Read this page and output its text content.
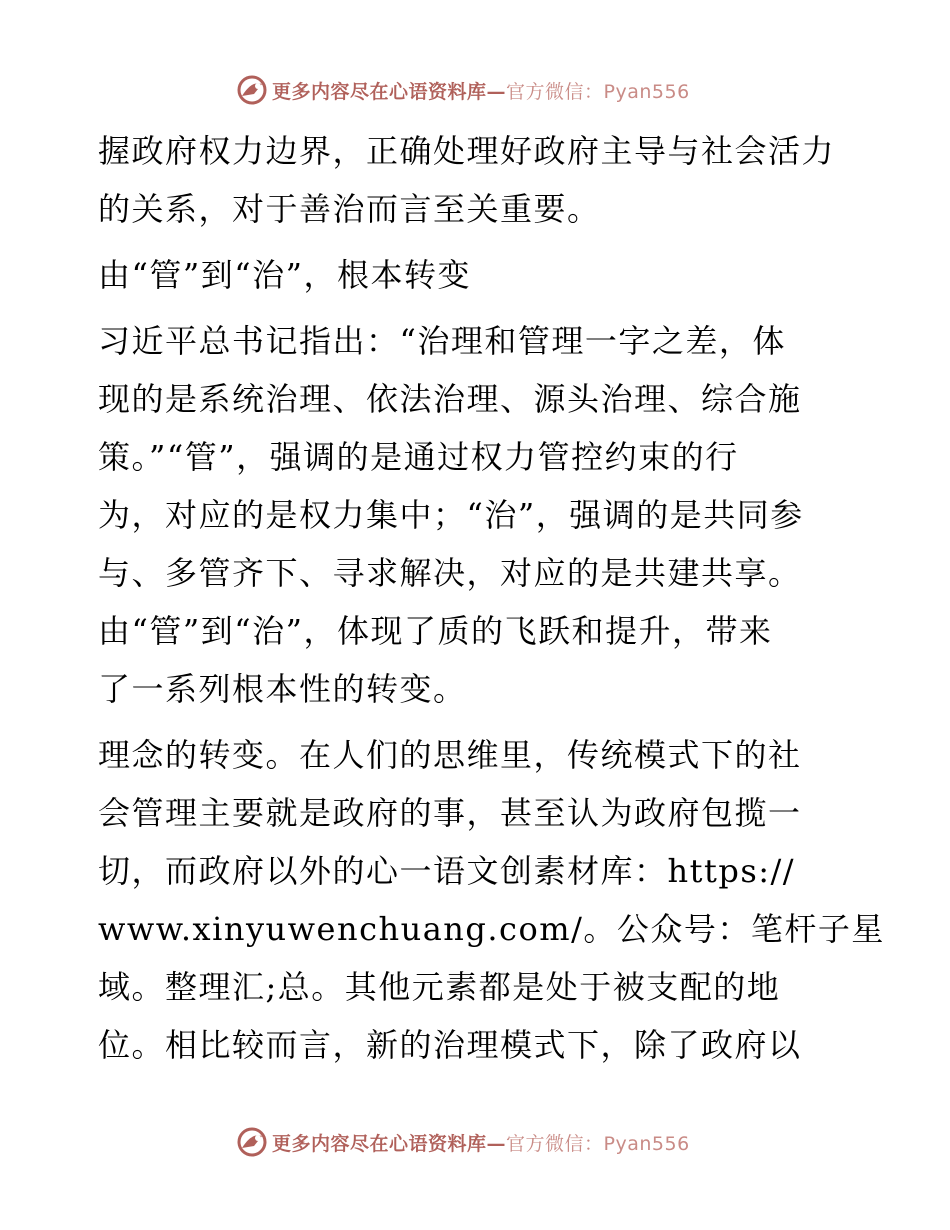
更多内容尽在心语资料库—官方微信：Pyan556

握政府权力边界，正确处理好政府主导与社会活力
的关系，对于善治而言至关重要。

由“管”到“治”，根本转变

习近平总书记指出：“治理和管理一字之差，体
现的是系统治理、依法治理、源头治理、综合施
策。”“管”，强调的是通过权力管控约束的行
为，对应的是权力集中；“治”，强调的是共同参
与、多管齐下、寻求解决，对应的是共建共享。
由“管”到“治”，体现了质的飞跃和提升，带来
了一系列根本性的转变。

理念的转变。在人们的思维里，传统模式下的社
会管理主要就是政府的事，甚至认为政府包揽一
切，而政府以外的心一语文创素材库：https://
www.xinyuwenchuang.com/。公众号：笔杆子星
域。整理汇;总。其他元素都是处于被支配的地
位。相比较而言，新的治理模式下，除了政府以

更多内容尽在心语资料库—官方微信：Pyan556
